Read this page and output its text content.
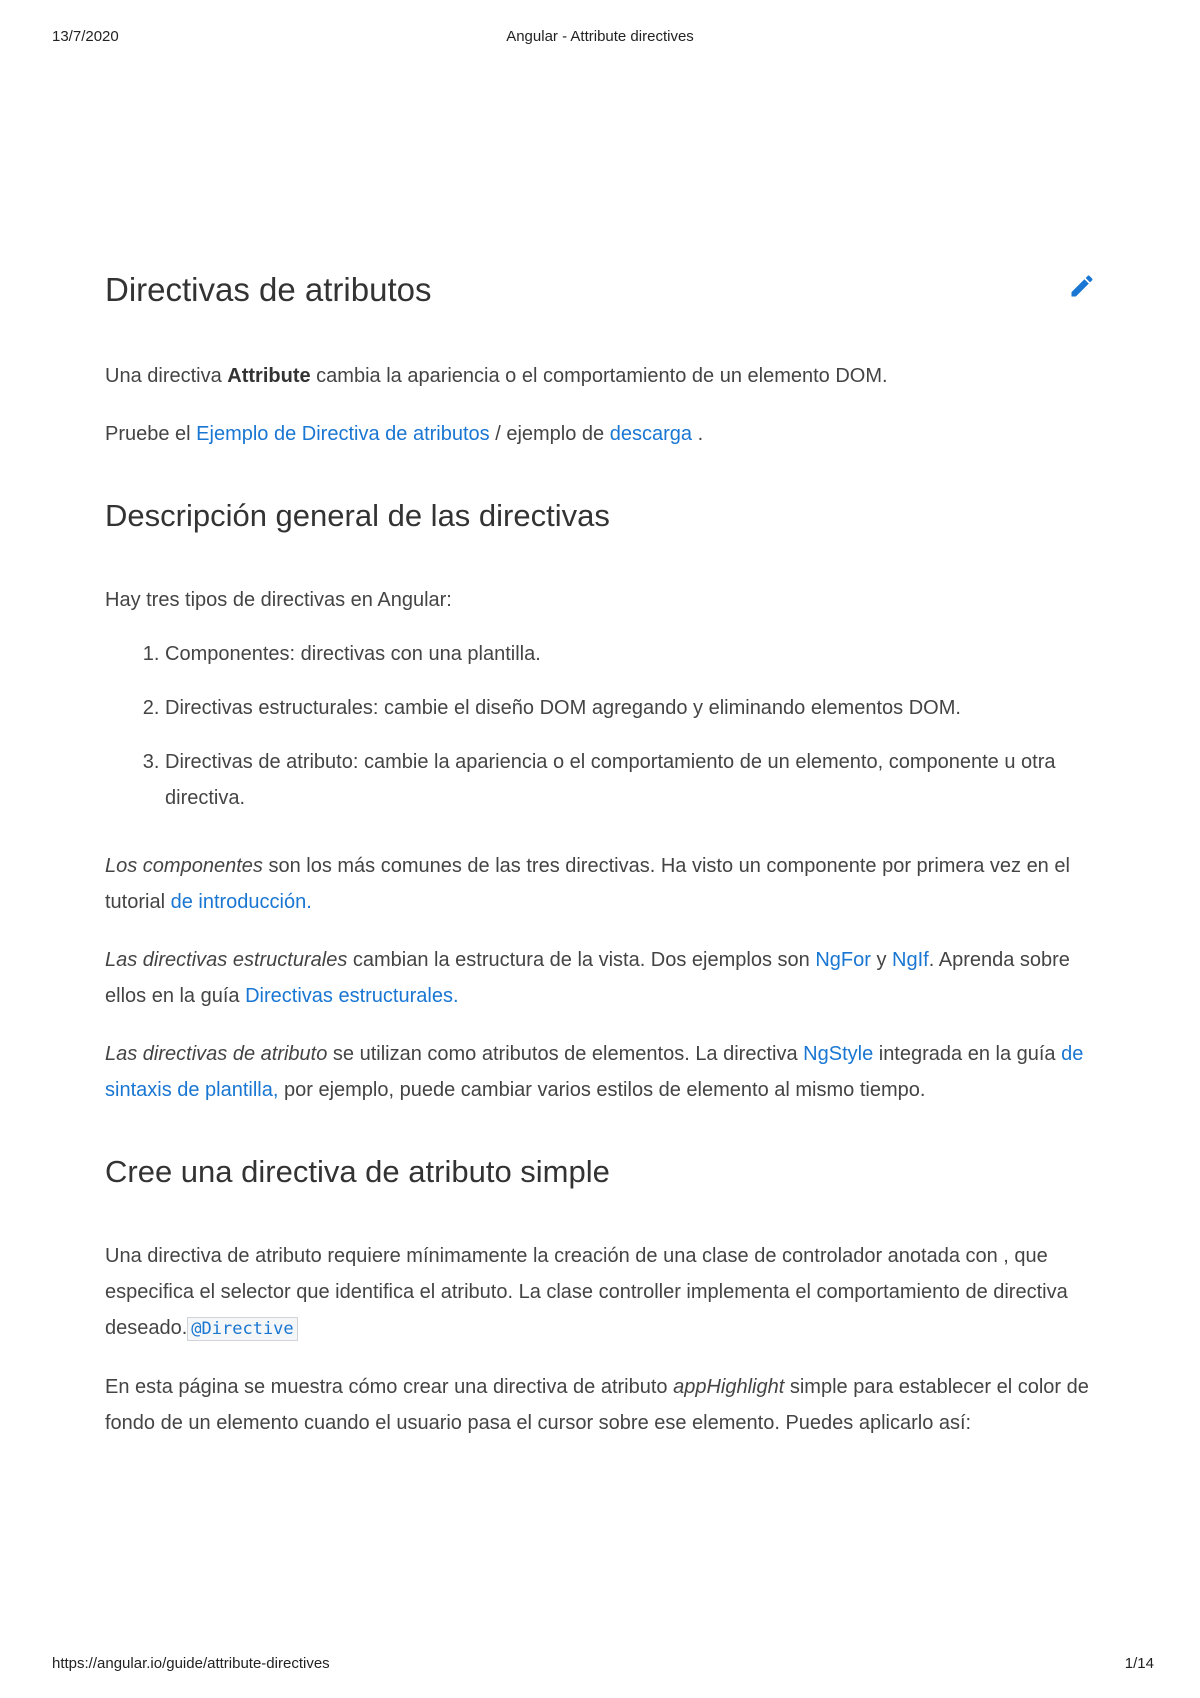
13/7/2020	Angular - Attribute directives
Directivas de atributos

Una directiva Attribute cambia la apariencia o el comportamiento de un elemento DOM.

Pruebe el Ejemplo de Directiva de atributos / ejemplo de descarga .

Descripción general de las directivas

Hay tres tipos de directivas en Angular:

1. Componentes: directivas con una plantilla.
2. Directivas estructurales: cambie el diseño DOM agregando y eliminando elementos DOM.
3. Directivas de atributo: cambie la apariencia o el comportamiento de un elemento, componente u otra directiva.

Los componentes son los más comunes de las tres directivas. Ha visto un componente por primera vez en el tutorial de introducción.

Las directivas estructurales cambian la estructura de la vista. Dos ejemplos son NgFor y NgIf. Aprenda sobre ellos en la guía Directivas estructurales.

Las directivas de atributo se utilizan como atributos de elementos. La directiva NgStyle integrada en la guía de sintaxis de plantilla, por ejemplo, puede cambiar varios estilos de elemento al mismo tiempo.

Cree una directiva de atributo simple

Una directiva de atributo requiere mínimamente la creación de una clase de controlador anotada con , que especifica el selector que identifica el atributo. La clase controller implementa el comportamiento de directiva deseado. @Directive

En esta página se muestra cómo crear una directiva de atributo appHighlight simple para establecer el color de fondo de un elemento cuando el usuario pasa el cursor sobre ese elemento. Puedes aplicarlo así:

https://angular.io/guide/attribute-directives	1/14
